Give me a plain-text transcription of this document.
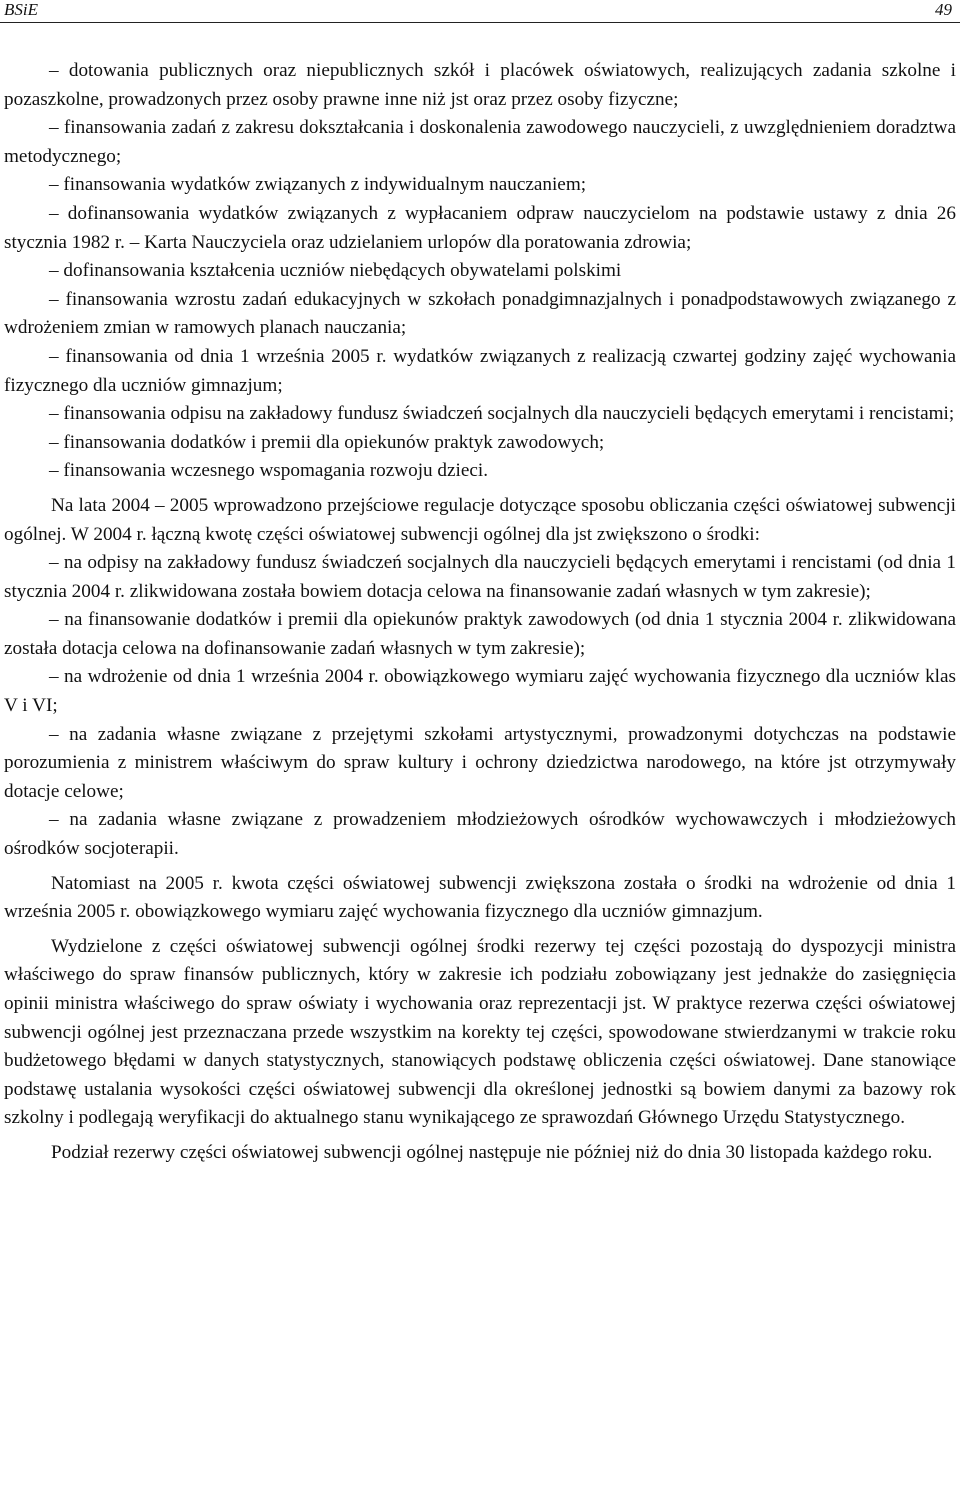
BSiE	49

– dotowania publicznych oraz niepublicznych szkół i placówek oświatowych, realizujących zadania szkolne i pozaszkolne, prowadzonych przez osoby prawne inne niż jst oraz przez osoby fizyczne;

– finansowania zadań z zakresu dokształcania i doskonalenia zawodowego nauczycieli, z uwzględnieniem doradztwa metodycznego;

– finansowania wydatków związanych z indywidualnym nauczaniem;

– dofinansowania wydatków związanych z wypłacaniem odpraw nauczycielom na podstawie ustawy z dnia 26 stycznia 1982 r. – Karta Nauczyciela oraz udzielaniem urlopów dla poratowania zdrowia;

– dofinansowania kształcenia uczniów niebędących obywatelami polskimi

– finansowania wzrostu zadań edukacyjnych w szkołach ponadgimnazjalnych i ponadpodstawowych związanego z wdrożeniem zmian w ramowych planach nauczania;

– finansowania od dnia 1 września 2005 r. wydatków związanych z realizacją czwartej godziny zajęć wychowania fizycznego dla uczniów gimnazjum;

– finansowania odpisu na zakładowy fundusz świadczeń socjalnych dla nauczycieli będących emerytami i rencistami;

– finansowania dodatków i premii dla opiekunów praktyk zawodowych;

– finansowania wczesnego wspomagania rozwoju dzieci.

Na lata 2004 – 2005 wprowadzono przejściowe regulacje dotyczące sposobu obliczania części oświatowej subwencji ogólnej. W 2004 r. łączną kwotę części oświatowej subwencji ogólnej dla jst zwiększono o środki:

– na odpisy na zakładowy fundusz świadczeń socjalnych dla nauczycieli będących emerytami i rencistami (od dnia 1 stycznia 2004 r. zlikwidowana została bowiem dotacja celowa na finansowanie zadań własnych w tym zakresie);

– na finansowanie dodatków i premii dla opiekunów praktyk zawodowych (od dnia 1 stycznia 2004 r. zlikwidowana została dotacja celowa na dofinansowanie zadań własnych w tym zakresie);

– na wdrożenie od dnia 1 września 2004 r. obowiązkowego wymiaru zajęć wychowania fizycznego dla uczniów klas V i VI;

– na zadania własne związane z przejętymi szkołami artystycznymi, prowadzonymi dotychczas na podstawie porozumienia z ministrem właściwym do spraw kultury i ochrony dziedzictwa narodowego, na które jst otrzymywały dotacje celowe;

– na zadania własne związane z prowadzeniem młodzieżowych ośrodków wychowawczych i młodzieżowych ośrodków socjoterapii.

Natomiast na 2005 r. kwota części oświatowej subwencji zwiększona została o środki na wdrożenie od dnia 1 września 2005 r. obowiązkowego wymiaru zajęć wychowania fizycznego dla uczniów gimnazjum.

Wydzielone z części oświatowej subwencji ogólnej środki rezerwy tej części pozostają do dyspozycji ministra właściwego do spraw finansów publicznych, który w zakresie ich podziału zobowiązany jest jednakże do zasięgnięcia opinii ministra właściwego do spraw oświaty i wychowania oraz reprezentacji jst. W praktyce rezerwa części oświatowej subwencji ogólnej jest przeznaczana przede wszystkim na korekty tej części, spowodowane stwierdzanymi w trakcie roku budżetowego błędami w danych statystycznych, stanowiących podstawę obliczenia części oświatowej. Dane stanowiące podstawę ustalania wysokości części oświatowej subwencji dla określonej jednostki są bowiem danymi za bazowy rok szkolny i podlegają weryfikacji do aktualnego stanu wynikającego ze sprawozdań Głównego Urzędu Statystycznego.

Podział rezerwy części oświatowej subwencji ogólnej następuje nie później niż do dnia 30 listopada każdego roku.
